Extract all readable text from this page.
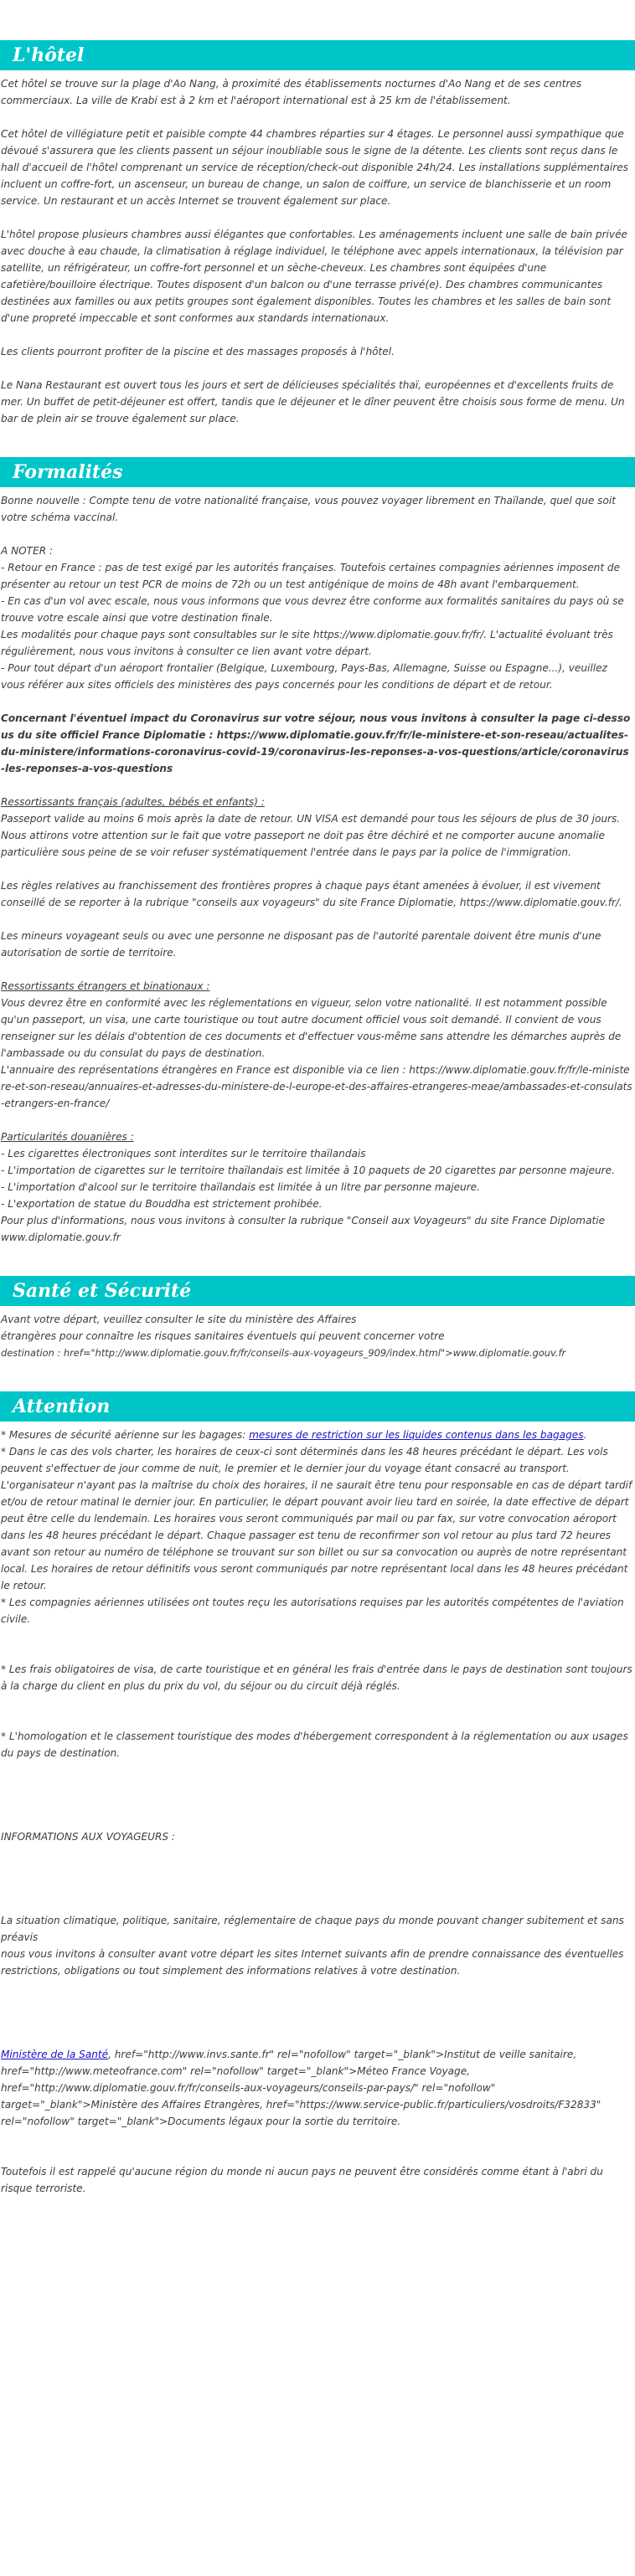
L'hôtel

Cet hôtel se trouve sur la plage d'Ao Nang, à proximité des établissements nocturnes d'Ao Nang et de ses centres commerciaux. La ville de Krabi est à 2 km et l'aéroport international est à 25 km de l'établissement.

Cet hôtel de villégiature petit et paisible compte 44 chambres réparties sur 4 étages. Le personnel aussi sympathique que dévoué s'assurera que les clients passent un séjour inoubliable sous le signe de la détente. Les clients sont reçus dans le hall d'accueil de l'hôtel comprenant un service de réception/check-out disponible 24h/24. Les installations supplémentaires incluent un coffre-fort, un ascenseur, un bureau de change, un salon de coiffure, un service de blanchisserie et un room service. Un restaurant et un accès Internet se trouvent également sur place.

L'hôtel propose plusieurs chambres aussi élégantes que confortables. Les aménagements incluent une salle de bain privée avec douche à eau chaude, la climatisation à réglage individuel, le téléphone avec appels internationaux, la télévision par satellite, un réfrigérateur, un coffre-fort personnel et un sèche-cheveux. Les chambres sont équipées d'une cafetière/bouilloire électrique. Toutes disposent d'un balcon ou d'une terrasse privé(e). Des chambres communicantes destinées aux familles ou aux petits groupes sont également disponibles. Toutes les chambres et les salles de bain sont d'une propreté impeccable et sont conformes aux standards internationaux.

Les clients pourront profiter de la piscine et des massages proposés à l'hôtel.

Le Nana Restaurant est ouvert tous les jours et sert de délicieuses spécialités thaï, européennes et d'excellents fruits de mer. Un buffet de petit-déjeuner est offert, tandis que le déjeuner et le dîner peuvent être choisis sous forme de menu. Un bar de plein air se trouve également sur place.

Formalités

Bonne nouvelle : Compte tenu de votre nationalité française, vous pouvez voyager librement en Thaïlande, quel que soit votre schéma vaccinal.

A NOTER :

- Retour en France : pas de test exigé par les autorités françaises. Toutefois certaines compagnies aériennes imposent de présenter au retour un test PCR de moins de 72h ou un test antigénique de moins de 48h avant l'embarquement.

- En cas d'un vol avec escale, nous vous informons que vous devrez être conforme aux formalités sanitaires du pays où se trouve votre escale ainsi que votre destination finale.

Les modalités pour chaque pays sont consultables sur le site https://www.diplomatie.gouv.fr/fr/. L'actualité évoluant très régulièrement, nous vous invitons à consulter ce lien avant votre départ.

- Pour tout départ d'un aéroport frontalier (Belgique, Luxembourg, Pays-Bas, Allemagne, Suisse ou Espagne...), veuillez vous référer aux sites officiels des ministères des pays concernés pour les conditions de départ et de retour.

Concernant l'éventuel impact du Coronavirus sur votre séjour, nous vous invitons à consulter la page ci-dessous du site officiel France Diplomatie : https://www.diplomatie.gouv.fr/fr/le-ministere-et-son-reseau/actualites-du-ministere/informations-coronavirus-covid-19/coronavirus-les-reponses-a-vos-questions/article/coronavirus-les-reponses-a-vos-questions

Ressortissants français (adultes, bébés et enfants) :

Passeport valide au moins 6 mois après la date de retour. UN VISA est demandé pour tous les séjours de plus de 30 jours. Nous attirons votre attention sur le fait que votre passeport ne doit pas être déchiré et ne comporter aucune anomalie particulière sous peine de se voir refuser systématiquement l'entrée dans le pays par la police de l'immigration.

Les règles relatives au franchissement des frontières propres à chaque pays étant amenées à évoluer, il est vivement conseillé de se reporter à la rubrique "conseils aux voyageurs" du site France Diplomatie, https://www.diplomatie.gouv.fr/.

Les mineurs voyageant seuls ou avec une personne ne disposant pas de l'autorité parentale doivent être munis d'une autorisation de sortie de territoire.

Ressortissants étrangers et binationaux :

Vous devrez être en conformité avec les réglementations en vigueur, selon votre nationalité. Il est notamment possible qu'un passeport, un visa, une carte touristique ou tout autre document officiel vous soit demandé. Il convient de vous renseigner sur les délais d'obtention de ces documents et d'effectuer vous-même sans attendre les démarches auprès de l'ambassade ou du consulat du pays de destination.

L'annuaire des représentations étrangères en France est disponible via ce lien : https://www.diplomatie.gouv.fr/fr/le-ministere-et-son-reseau/annuaires-et-adresses-du-ministere-de-l-europe-et-des-affaires-etrangeres-meae/ambassades-et-consulats-etrangers-en-france/

Particularités douanières :

- Les cigarettes électroniques sont interdites sur le territoire thaïlandais

- L'importation de cigarettes sur le territoire thaïlandais est limitée à 10 paquets de 20 cigarettes par personne majeure.

- L'importation d'alcool sur le territoire thaïlandais est limitée à un litre par personne majeure.

- L'exportation de statue du Bouddha est strictement prohibée.

Pour plus d'informations, nous vous invitons à consulter la rubrique "Conseil aux Voyageurs" du site France Diplomatie www.diplomatie.gouv.fr

Santé et Sécurité

Avant votre départ, veuillez consulter le site du ministère des Affaires

étrangères pour connaître les risques sanitaires éventuels qui peuvent concerner votre

destination : href="http://www.diplomatie.gouv.fr/fr/conseils-aux-voyageurs_909/index.html">www.diplomatie.gouv.fr

Attention

* Mesures de sécurité aérienne sur les bagages: mesures de restriction sur les liquides contenus dans les bagages.

* Dans le cas des vols charter, les horaires de ceux-ci sont déterminés dans les 48 heures précédant le départ. Les vols peuvent s'effectuer de jour comme de nuit, le premier et le dernier jour du voyage étant consacré au transport. L'organisateur n'ayant pas la maîtrise du choix des horaires, il ne saurait être tenu pour responsable en cas de départ tardif et/ou de retour matinal le dernier jour. En particulier, le départ pouvant avoir lieu tard en soirée, la date effective de départ peut être celle du lendemain. Les horaires vous seront communiqués par mail ou par fax, sur votre convocation aéroport dans les 48 heures précédant le départ. Chaque passager est tenu de reconfirmer son vol retour au plus tard 72 heures avant son retour au numéro de téléphone se trouvant sur son billet ou sur sa convocation ou auprès de notre représentant local. Les horaires de retour définitifs vous seront communiqués par notre représentant local dans les 48 heures précédant le retour.

* Les compagnies aériennes utilisées ont toutes reçu les autorisations requises par les autorités compétentes de l'aviation civile.

* Les frais obligatoires de visa, de carte touristique et en général les frais d'entrée dans le pays de destination sont toujours à la charge du client en plus du prix du vol, du séjour ou du circuit déjà réglés.

* L'homologation et le classement touristique des modes d'hébergement correspondent à la réglementation ou aux usages du pays de destination.

INFORMATIONS AUX VOYAGEURS :

La situation climatique, politique, sanitaire, réglementaire de chaque pays du monde pouvant changer subitement et sans préavis

nous vous invitons à consulter avant votre départ les sites Internet suivants afin de prendre connaissance des éventuelles restrictions, obligations ou tout simplement des informations relatives à votre destination.

Ministère de la Santé, href="http://www.invs.sante.fr" rel="nofollow" target="_blank">Institut de veille sanitaire, href="http://www.meteofrance.com" rel="nofollow" target="_blank">Méteo France Voyage, href="http://www.diplomatie.gouv.fr/fr/conseils-aux-voyageurs/conseils-par-pays/" rel="nofollow" target="_blank">Ministère des Affaires Etrangères, href="https://www.service-public.fr/particuliers/vosdroits/F32833" rel="nofollow" target="_blank">Documents légaux pour la sortie du territoire.

Toutefois il est rappelé qu'aucune région du monde ni aucun pays ne peuvent être considérés comme étant à l'abri du risque terroriste.
